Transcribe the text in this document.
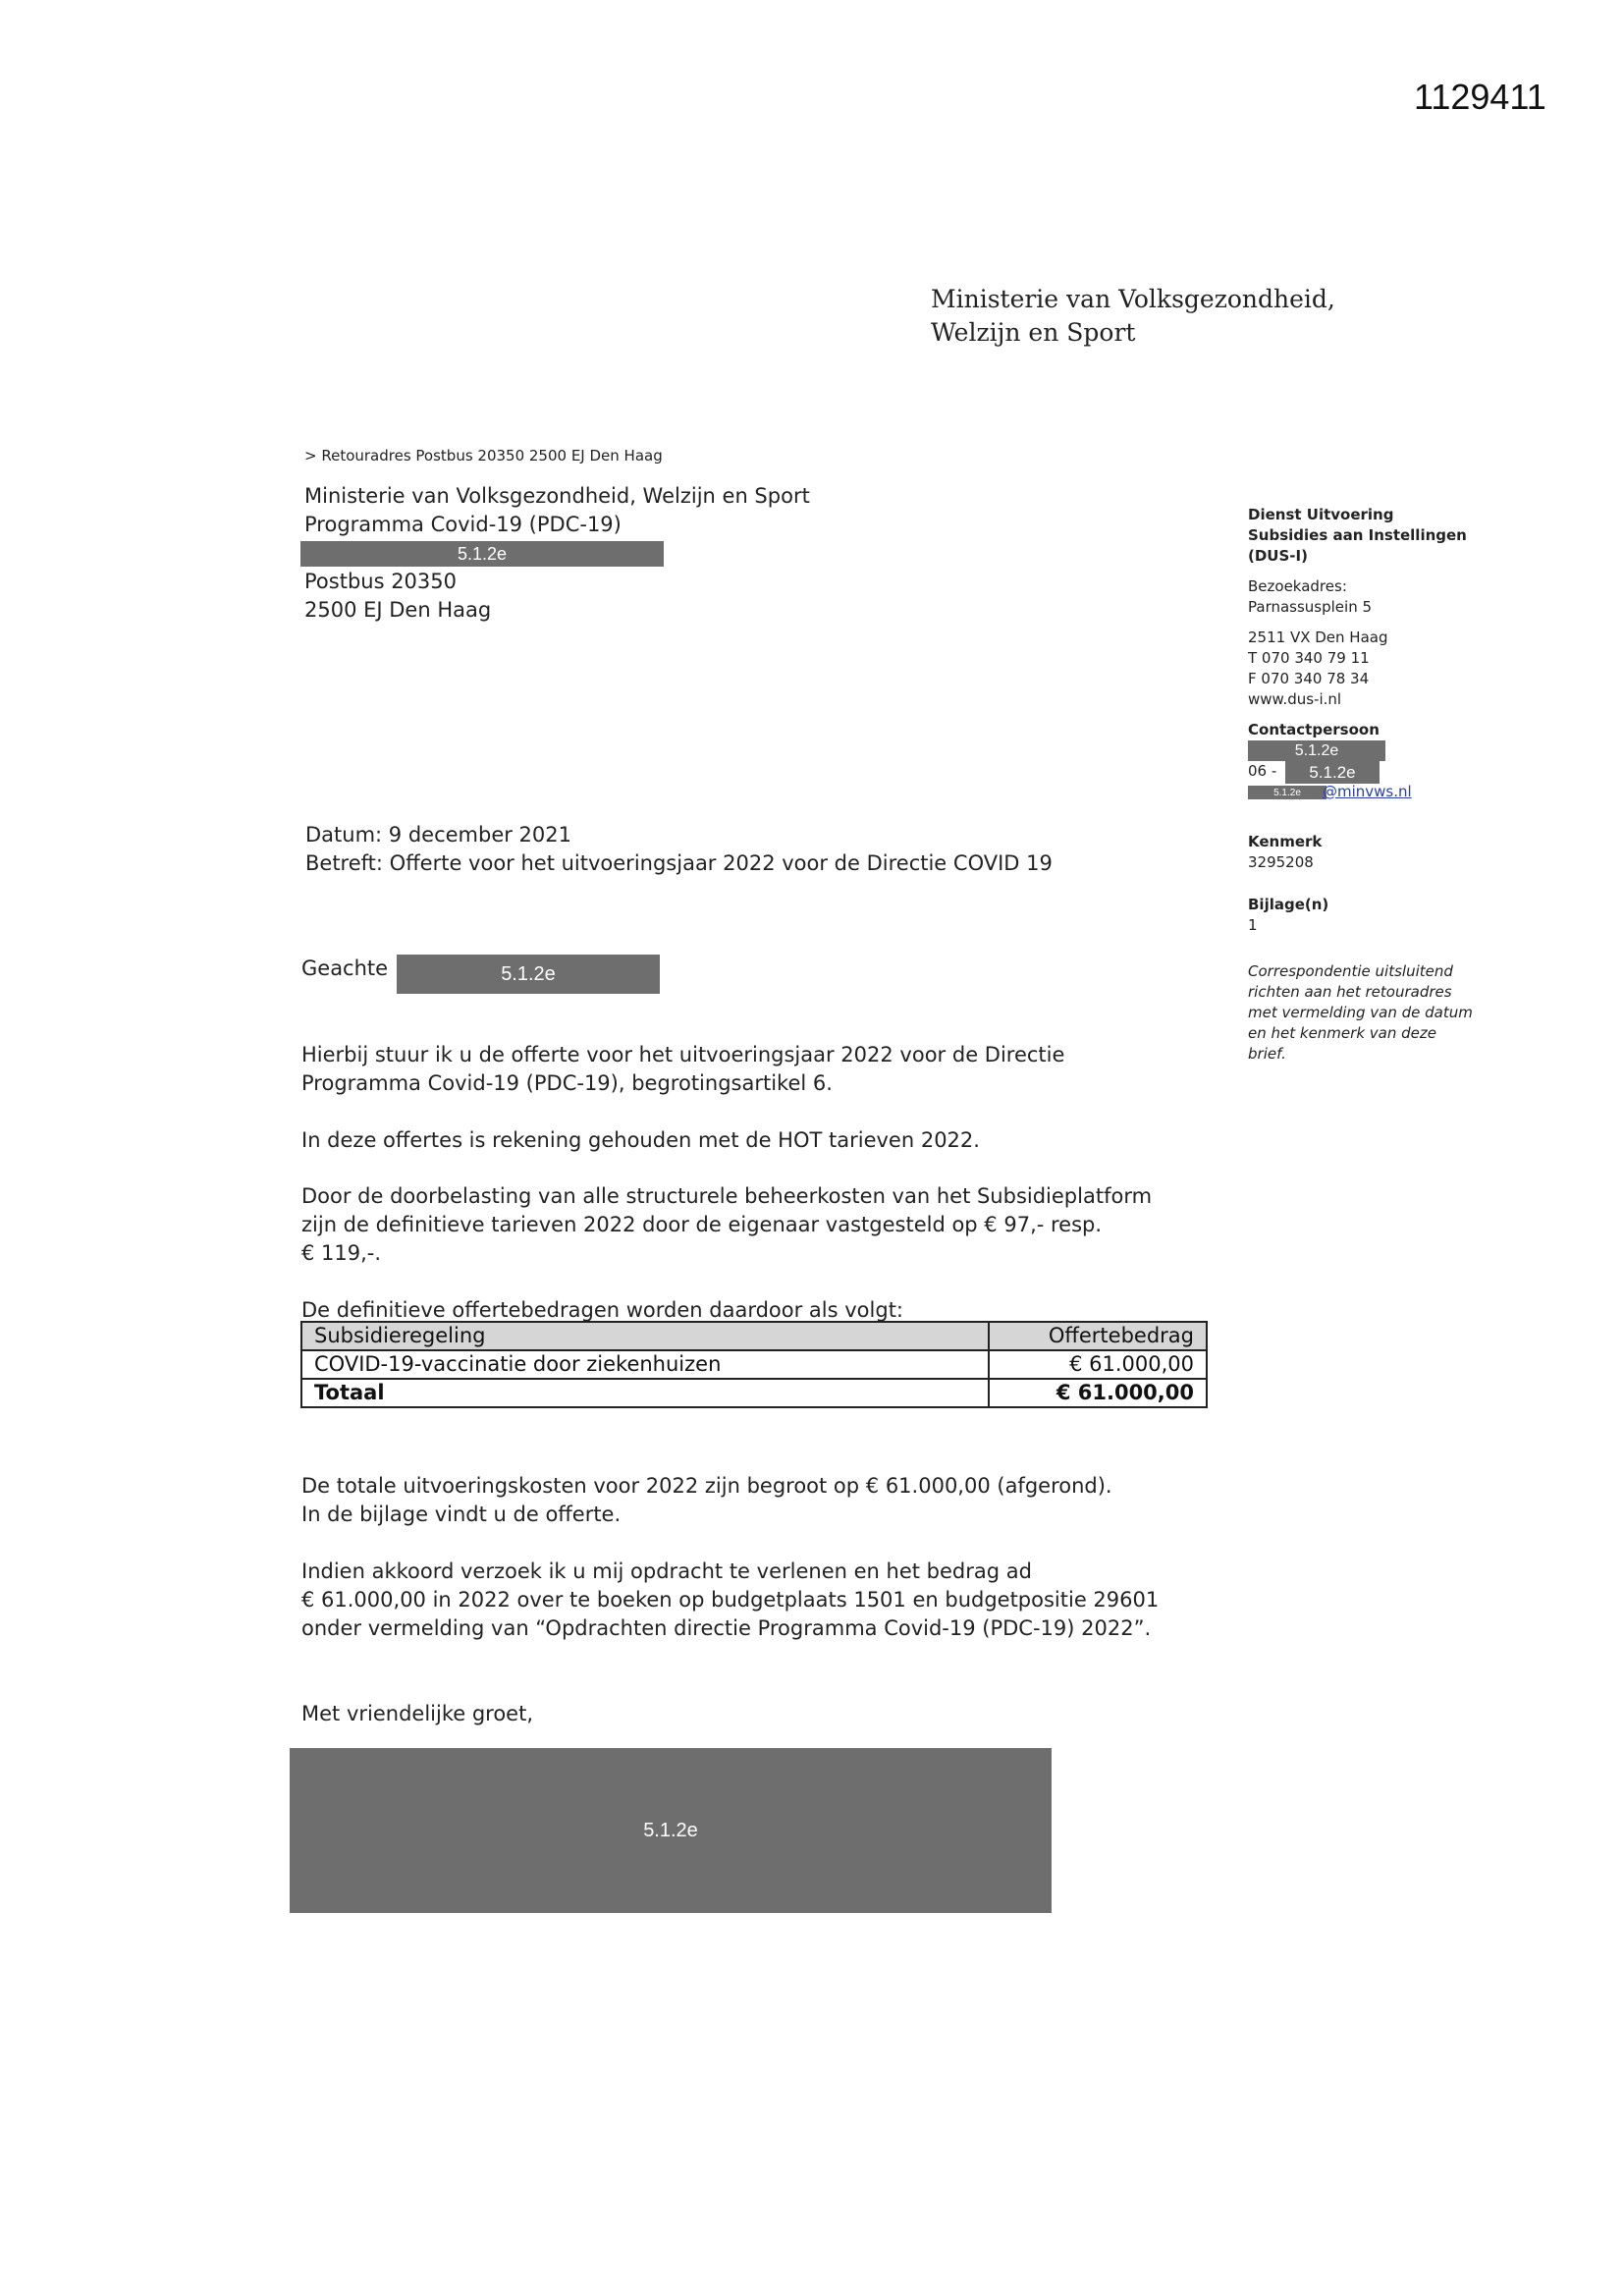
1129411
Ministerie van Volksgezondheid,
Welzijn en Sport
> Retouradres Postbus 20350 2500 EJ Den Haag
Ministerie van Volksgezondheid, Welzijn en Sport
Programma Covid-19 (PDC-19)
5.1.2e
Postbus 20350
2500 EJ Den Haag
Dienst Uitvoering
Subsidies aan Instellingen
(DUS-I)
Bezoekadres:
Parnassusplein 5
2511 VX Den Haag
T 070 340 79 11
F 070 340 78 34
www.dus-i.nl
Contactpersoon
5.1.2e
06 -	5.1.2e
5.1.2e	@minvws.nl
Kenmerk
3295208
Bijlage(n)
1
Correspondentie uitsluitend
richten aan het retouradres
met vermelding van de datum
en het kenmerk van deze
brief.
Datum: 9 december 2021
Betreft: Offerte voor het uitvoeringsjaar 2022 voor de Directie COVID 19
Geachte	5.1.2e
Hierbij stuur ik u de offerte voor het uitvoeringsjaar 2022 voor de Directie
Programma Covid-19 (PDC-19), begrotingsartikel 6.
In deze offertes is rekening gehouden met de HOT tarieven 2022.
Door de doorbelasting van alle structurele beheerkosten van het Subsidieplatform
zijn de definitieve tarieven 2022 door de eigenaar vastgesteld op € 97,- resp.
€ 119,-.
De definitieve offertebedragen worden daardoor als volgt:
Subsidieregeling	Offertebedrag
COVID-19-vaccinatie door ziekenhuizen	€ 61.000,00
Totaal	€ 61.000,00
De totale uitvoeringskosten voor 2022 zijn begroot op € 61.000,00 (afgerond).
In de bijlage vindt u de offerte.
Indien akkoord verzoek ik u mij opdracht te verlenen en het bedrag ad
€ 61.000,00 in 2022 over te boeken op budgetplaats 1501 en budgetpositie 29601
onder vermelding van “Opdrachten directie Programma Covid-19 (PDC-19) 2022”.
Met vriendelijke groet,
5.1.2e
